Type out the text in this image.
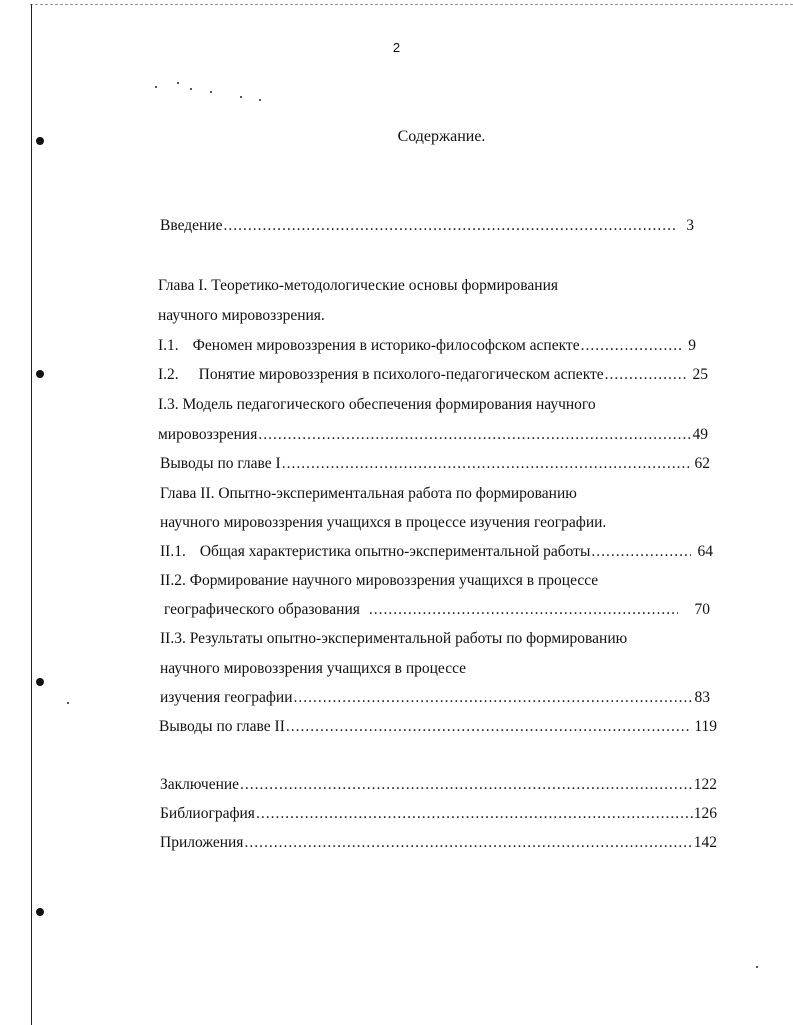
2
Содержание.
Введение .....	3
Глава I. Теоретико-методологические основы формирования
научного мировоззрения.
I.1. Феномен мировоззрения в историко-философском аспекте .....	9
I.2. Понятие мировоззрения в психолого-педагогическом аспекте .....	25
I.3. Модель педагогического обеспечения формирования научного
мировоззрения .....	49
Выводы по главе I .....	62
Глава II. Опытно-экспериментальная работа по формированию
научного мировоззрения учащихся в процессе изучения географии.
II.1. Общая характеристика опытно-экспериментальной работы .....	64
II.2. Формирование научного мировоззрения учащихся в процессе
географического образования .....	70
II.3. Результаты опытно-экспериментальной работы по формированию
научного мировоззрения учащихся в процессе
изучения географии .....	83
Выводы по главе II .....	119
Заключение .....	122
Библиография .....	126
Приложения .....	142
